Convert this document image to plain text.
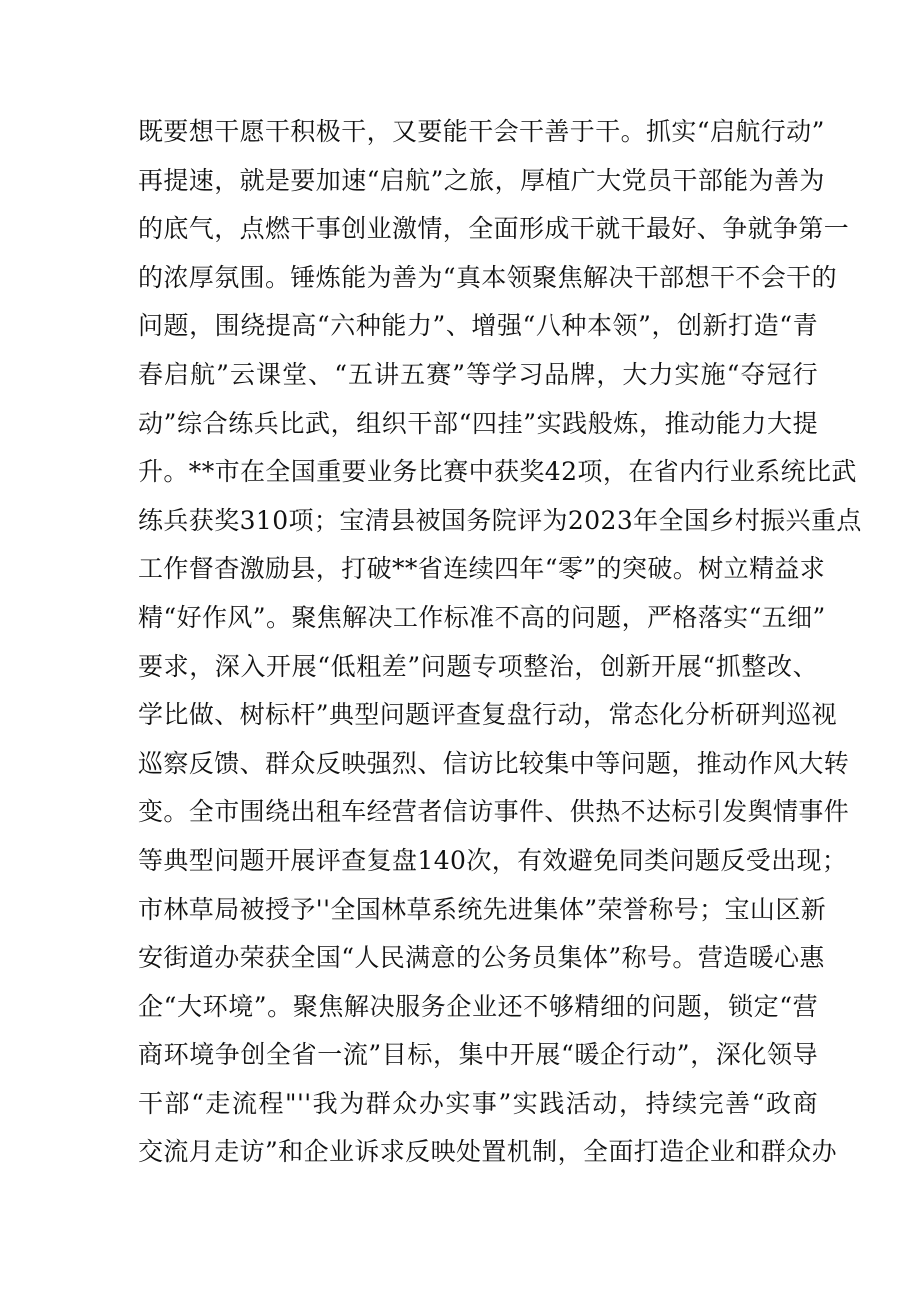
既要想干愿干积极干，又要能干会干善于干。抓实“启航行动”
再提速，就是要加速“启航”之旅，厚植广大党员干部能为善为
的底气，点燃干事创业激情，全面形成干就干最好、争就争第一
的浓厚氛围。锤炼能为善为“真本领聚焦解决干部想干不会干的
问题，围绕提高“六种能力”、增强“八种本领”，创新打造“青
春启航”云课堂、“五讲五赛”等学习品牌，大力实施“夺冠行
动”综合练兵比武，组织干部“四挂”实践般炼，推动能力大提
升。**市在全国重要业务比赛中获奖42项，在省内行业系统比武
练兵获奖310项；宝清县被国务院评为2023年全国乡村振兴重点
工作督杳激励县，打破**省连续四年“零”的突破。树立精益求
精“好作风”。聚焦解决工作标准不高的问题，严格落实“五细”
要求，深入开展“低粗差”问题专项整治，创新开展“抓整改、
学比做、树标杆”典型问题评查复盘行动，常态化分析研判巡视
巡察反馈、群众反映强烈、信访比较集中等问题，推动作风大转
变。全市围绕出租车经营者信访事件、供热不达标引发舆情事件
等典型问题开展评查复盘140次，有效避免同类问题反受出现；
市林草局被授予''全国林草系统先进集体”荣誉称号；宝山区新
安街道办荣获全国“人民满意的公务员集体”称号。营造暖心惠
企“大环境”。聚焦解决服务企业还不够精细的问题，锁定“营
商环境争创全省一流”目标，集中开展“暖企行动”，深化领导
干部“走流程"''我为群众办实事”实践活动，持续完善“政商
交流月走访”和企业诉求反映处置机制，全面打造企业和群众办
